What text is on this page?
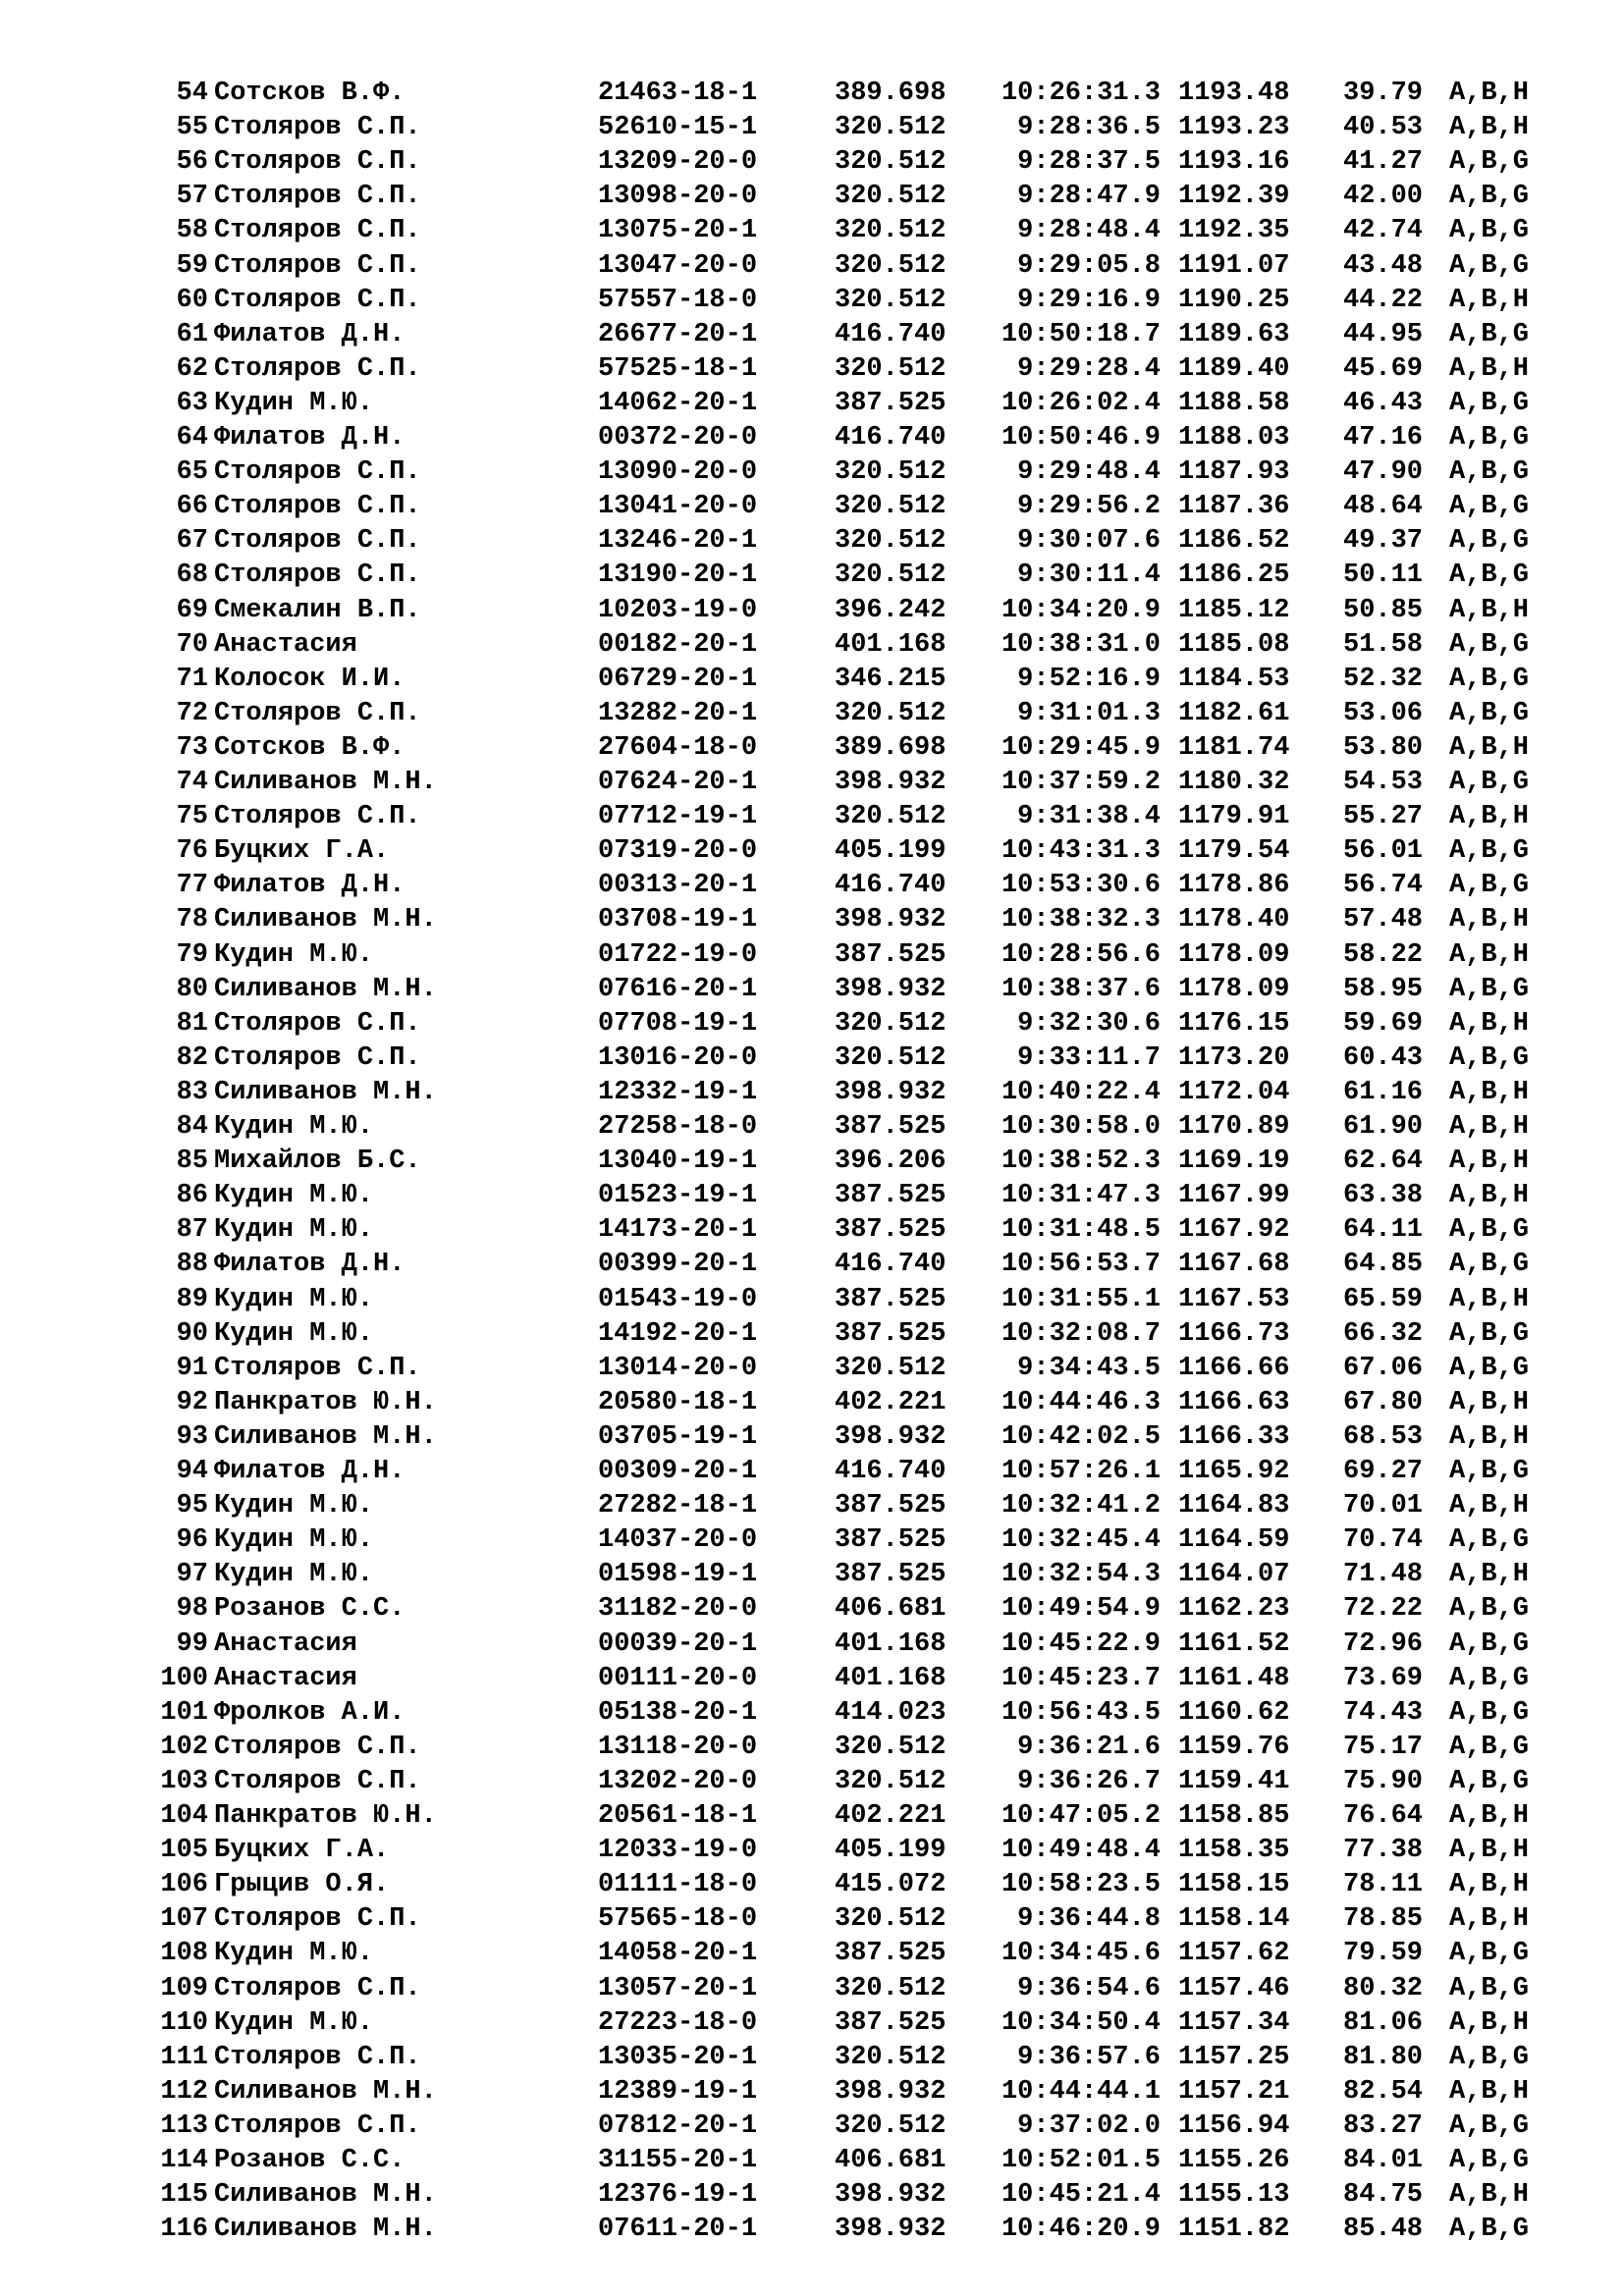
54 Сотсков В.Ф.	21463-18-1	389.698	10:26:31.3 1193.48 39.79 A,B,H
55 Столяров С.П.	52610-15-1	320.512	9:28:36.5 1193.23 40.53 A,B,H
56 Столяров С.П.	13209-20-0	320.512	9:28:37.5 1193.16 41.27 A,B,G
57 Столяров С.П.	13098-20-0	320.512	9:28:47.9 1192.39 42.00 A,B,G
58 Столяров С.П.	13075-20-1	320.512	9:28:48.4 1192.35 42.74 A,B,G
59 Столяров С.П.	13047-20-0	320.512	9:29:05.8 1191.07 43.48 A,B,G
60 Столяров С.П.	57557-18-0	320.512	9:29:16.9 1190.25 44.22 A,B,H
61 Филатов Д.Н.	26677-20-1	416.740	10:50:18.7 1189.63 44.95 A,B,G
62 Столяров С.П.	57525-18-1	320.512	9:29:28.4 1189.40 45.69 A,B,H
63 Кудин М.Ю.	14062-20-1	387.525	10:26:02.4 1188.58 46.43 A,B,G
64 Филатов Д.Н.	00372-20-0	416.740	10:50:46.9 1188.03 47.16 A,B,G
65 Столяров С.П.	13090-20-0	320.512	9:29:48.4 1187.93 47.90 A,B,G
66 Столяров С.П.	13041-20-0	320.512	9:29:56.2 1187.36 48.64 A,B,G
67 Столяров С.П.	13246-20-1	320.512	9:30:07.6 1186.52 49.37 A,B,G
68 Столяров С.П.	13190-20-1	320.512	9:30:11.4 1186.25 50.11 A,B,G
69 Смекалин В.П.	10203-19-0	396.242	10:34:20.9 1185.12 50.85 A,B,H
70 Анастасия	00182-20-1	401.168	10:38:31.0 1185.08 51.58 A,B,G
71 Колосок И.И.	06729-20-1	346.215	9:52:16.9 1184.53 52.32 A,B,G
72 Столяров С.П.	13282-20-1	320.512	9:31:01.3 1182.61 53.06 A,B,G
73 Сотсков В.Ф.	27604-18-0	389.698	10:29:45.9 1181.74 53.80 A,B,H
74 Силиванов М.Н.	07624-20-1	398.932	10:37:59.2 1180.32 54.53 A,B,G
75 Столяров С.П.	07712-19-1	320.512	9:31:38.4 1179.91 55.27 A,B,H
76 Буцких Г.А.	07319-20-0	405.199	10:43:31.3 1179.54 56.01 A,B,G
77 Филатов Д.Н.	00313-20-1	416.740	10:53:30.6 1178.86 56.74 A,B,G
78 Силиванов М.Н.	03708-19-1	398.932	10:38:32.3 1178.40 57.48 A,B,H
79 Кудин М.Ю.	01722-19-0	387.525	10:28:56.6 1178.09 58.22 A,B,H
80 Силиванов М.Н.	07616-20-1	398.932	10:38:37.6 1178.09 58.95 A,B,G
81 Столяров С.П.	07708-19-1	320.512	9:32:30.6 1176.15 59.69 A,B,H
82 Столяров С.П.	13016-20-0	320.512	9:33:11.7 1173.20 60.43 A,B,G
83 Силиванов М.Н.	12332-19-1	398.932	10:40:22.4 1172.04 61.16 A,B,H
84 Кудин М.Ю.	27258-18-0	387.525	10:30:58.0 1170.89 61.90 A,B,H
85 Михайлов Б.С.	13040-19-1	396.206	10:38:52.3 1169.19 62.64 A,B,H
86 Кудин М.Ю.	01523-19-1	387.525	10:31:47.3 1167.99 63.38 A,B,H
87 Кудин М.Ю.	14173-20-1	387.525	10:31:48.5 1167.92 64.11 A,B,G
88 Филатов Д.Н.	00399-20-1	416.740	10:56:53.7 1167.68 64.85 A,B,G
89 Кудин М.Ю.	01543-19-0	387.525	10:31:55.1 1167.53 65.59 A,B,H
90 Кудин М.Ю.	14192-20-1	387.525	10:32:08.7 1166.73 66.32 A,B,G
91 Столяров С.П.	13014-20-0	320.512	9:34:43.5 1166.66 67.06 A,B,G
92 Панкратов Ю.Н.	20580-18-1	402.221	10:44:46.3 1166.63 67.80 A,B,H
93 Силиванов М.Н.	03705-19-1	398.932	10:42:02.5 1166.33 68.53 A,B,H
94 Филатов Д.Н.	00309-20-1	416.740	10:57:26.1 1165.92 69.27 A,B,G
95 Кудин М.Ю.	27282-18-1	387.525	10:32:41.2 1164.83 70.01 A,B,H
96 Кудин М.Ю.	14037-20-0	387.525	10:32:45.4 1164.59 70.74 A,B,G
97 Кудин М.Ю.	01598-19-1	387.525	10:32:54.3 1164.07 71.48 A,B,H
98 Розанов С.С.	31182-20-0	406.681	10:49:54.9 1162.23 72.22 A,B,G
99 Анастасия	00039-20-1	401.168	10:45:22.9 1161.52 72.96 A,B,G
100 Анастасия	00111-20-0	401.168	10:45:23.7 1161.48 73.69 A,B,G
101 Фролков А.И.	05138-20-1	414.023	10:56:43.5 1160.62 74.43 A,B,G
102 Столяров С.П.	13118-20-0	320.512	9:36:21.6 1159.76 75.17 A,B,G
103 Столяров С.П.	13202-20-0	320.512	9:36:26.7 1159.41 75.90 A,B,G
104 Панкратов Ю.Н.	20561-18-1	402.221	10:47:05.2 1158.85 76.64 A,B,H
105 Буцких Г.А.	12033-19-0	405.199	10:49:48.4 1158.35 77.38 A,B,H
106 Грыцив О.Я.	01111-18-0	415.072	10:58:23.5 1158.15 78.11 A,B,H
107 Столяров С.П.	57565-18-0	320.512	9:36:44.8 1158.14 78.85 A,B,H
108 Кудин М.Ю.	14058-20-1	387.525	10:34:45.6 1157.62 79.59 A,B,G
109 Столяров С.П.	13057-20-1	320.512	9:36:54.6 1157.46 80.32 A,B,G
110 Кудин М.Ю.	27223-18-0	387.525	10:34:50.4 1157.34 81.06 A,B,H
111 Столяров С.П.	13035-20-1	320.512	9:36:57.6 1157.25 81.80 A,B,G
112 Силиванов М.Н.	12389-19-1	398.932	10:44:44.1 1157.21 82.54 A,B,H
113 Столяров С.П.	07812-20-1	320.512	9:37:02.0 1156.94 83.27 A,B,G
114 Розанов С.С.	31155-20-1	406.681	10:52:01.5 1155.26 84.01 A,B,G
115 Силиванов М.Н.	12376-19-1	398.932	10:45:21.4 1155.13 84.75 A,B,H
116 Силиванов М.Н.	07611-20-1	398.932	10:46:20.9 1151.82 85.48 A,B,G
